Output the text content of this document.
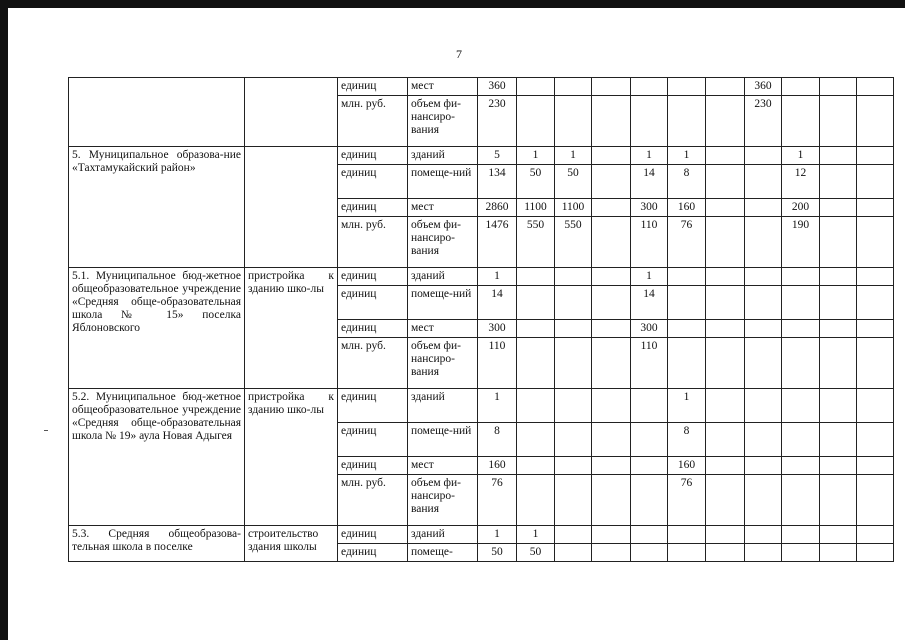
7
		единиц	мест	360							360			
		млн. руб.	объем фи-нансиро-вания	230							230			
5. Муниципальное образова-ние «Тахтамукайский район»		единиц	зданий	5	1	1		1	1			1		
		единиц	помеще-ний	134	50	50		14	8			12		
		единиц	мест	2860	1100	1100		300	160			200		
		млн. руб.	объем фи-нансиро-вания	1476	550	550		110	76			190		
5.1. Муниципальное бюд-жетное общеобразовательное учреждение «Средняя обще-образовательная школа № 15» поселка Яблоновского	пристройка к зданию шко-лы	единиц	зданий	1				1						
		единиц	помеще-ний	14				14						
		единиц	мест	300				300						
		млн. руб.	объем фи-нансиро-вания	110				110						
5.2. Муниципальное бюд-жетное общеобразовательное учреждение «Средняя обще-образовательная школа № 19» аула Новая Адыгея	пристройка к зданию шко-лы	единиц	зданий	1					1					
		единиц	помеще-ний	8					8					
		единиц	мест	160					160					
		млн. руб.	объем фи-нансиро-вания	76					76					
5.3. Средняя общеобразова-тельная школа в поселке	строительство здания школы	единиц	зданий	1	1									
		единиц	помеще-	50	50									
